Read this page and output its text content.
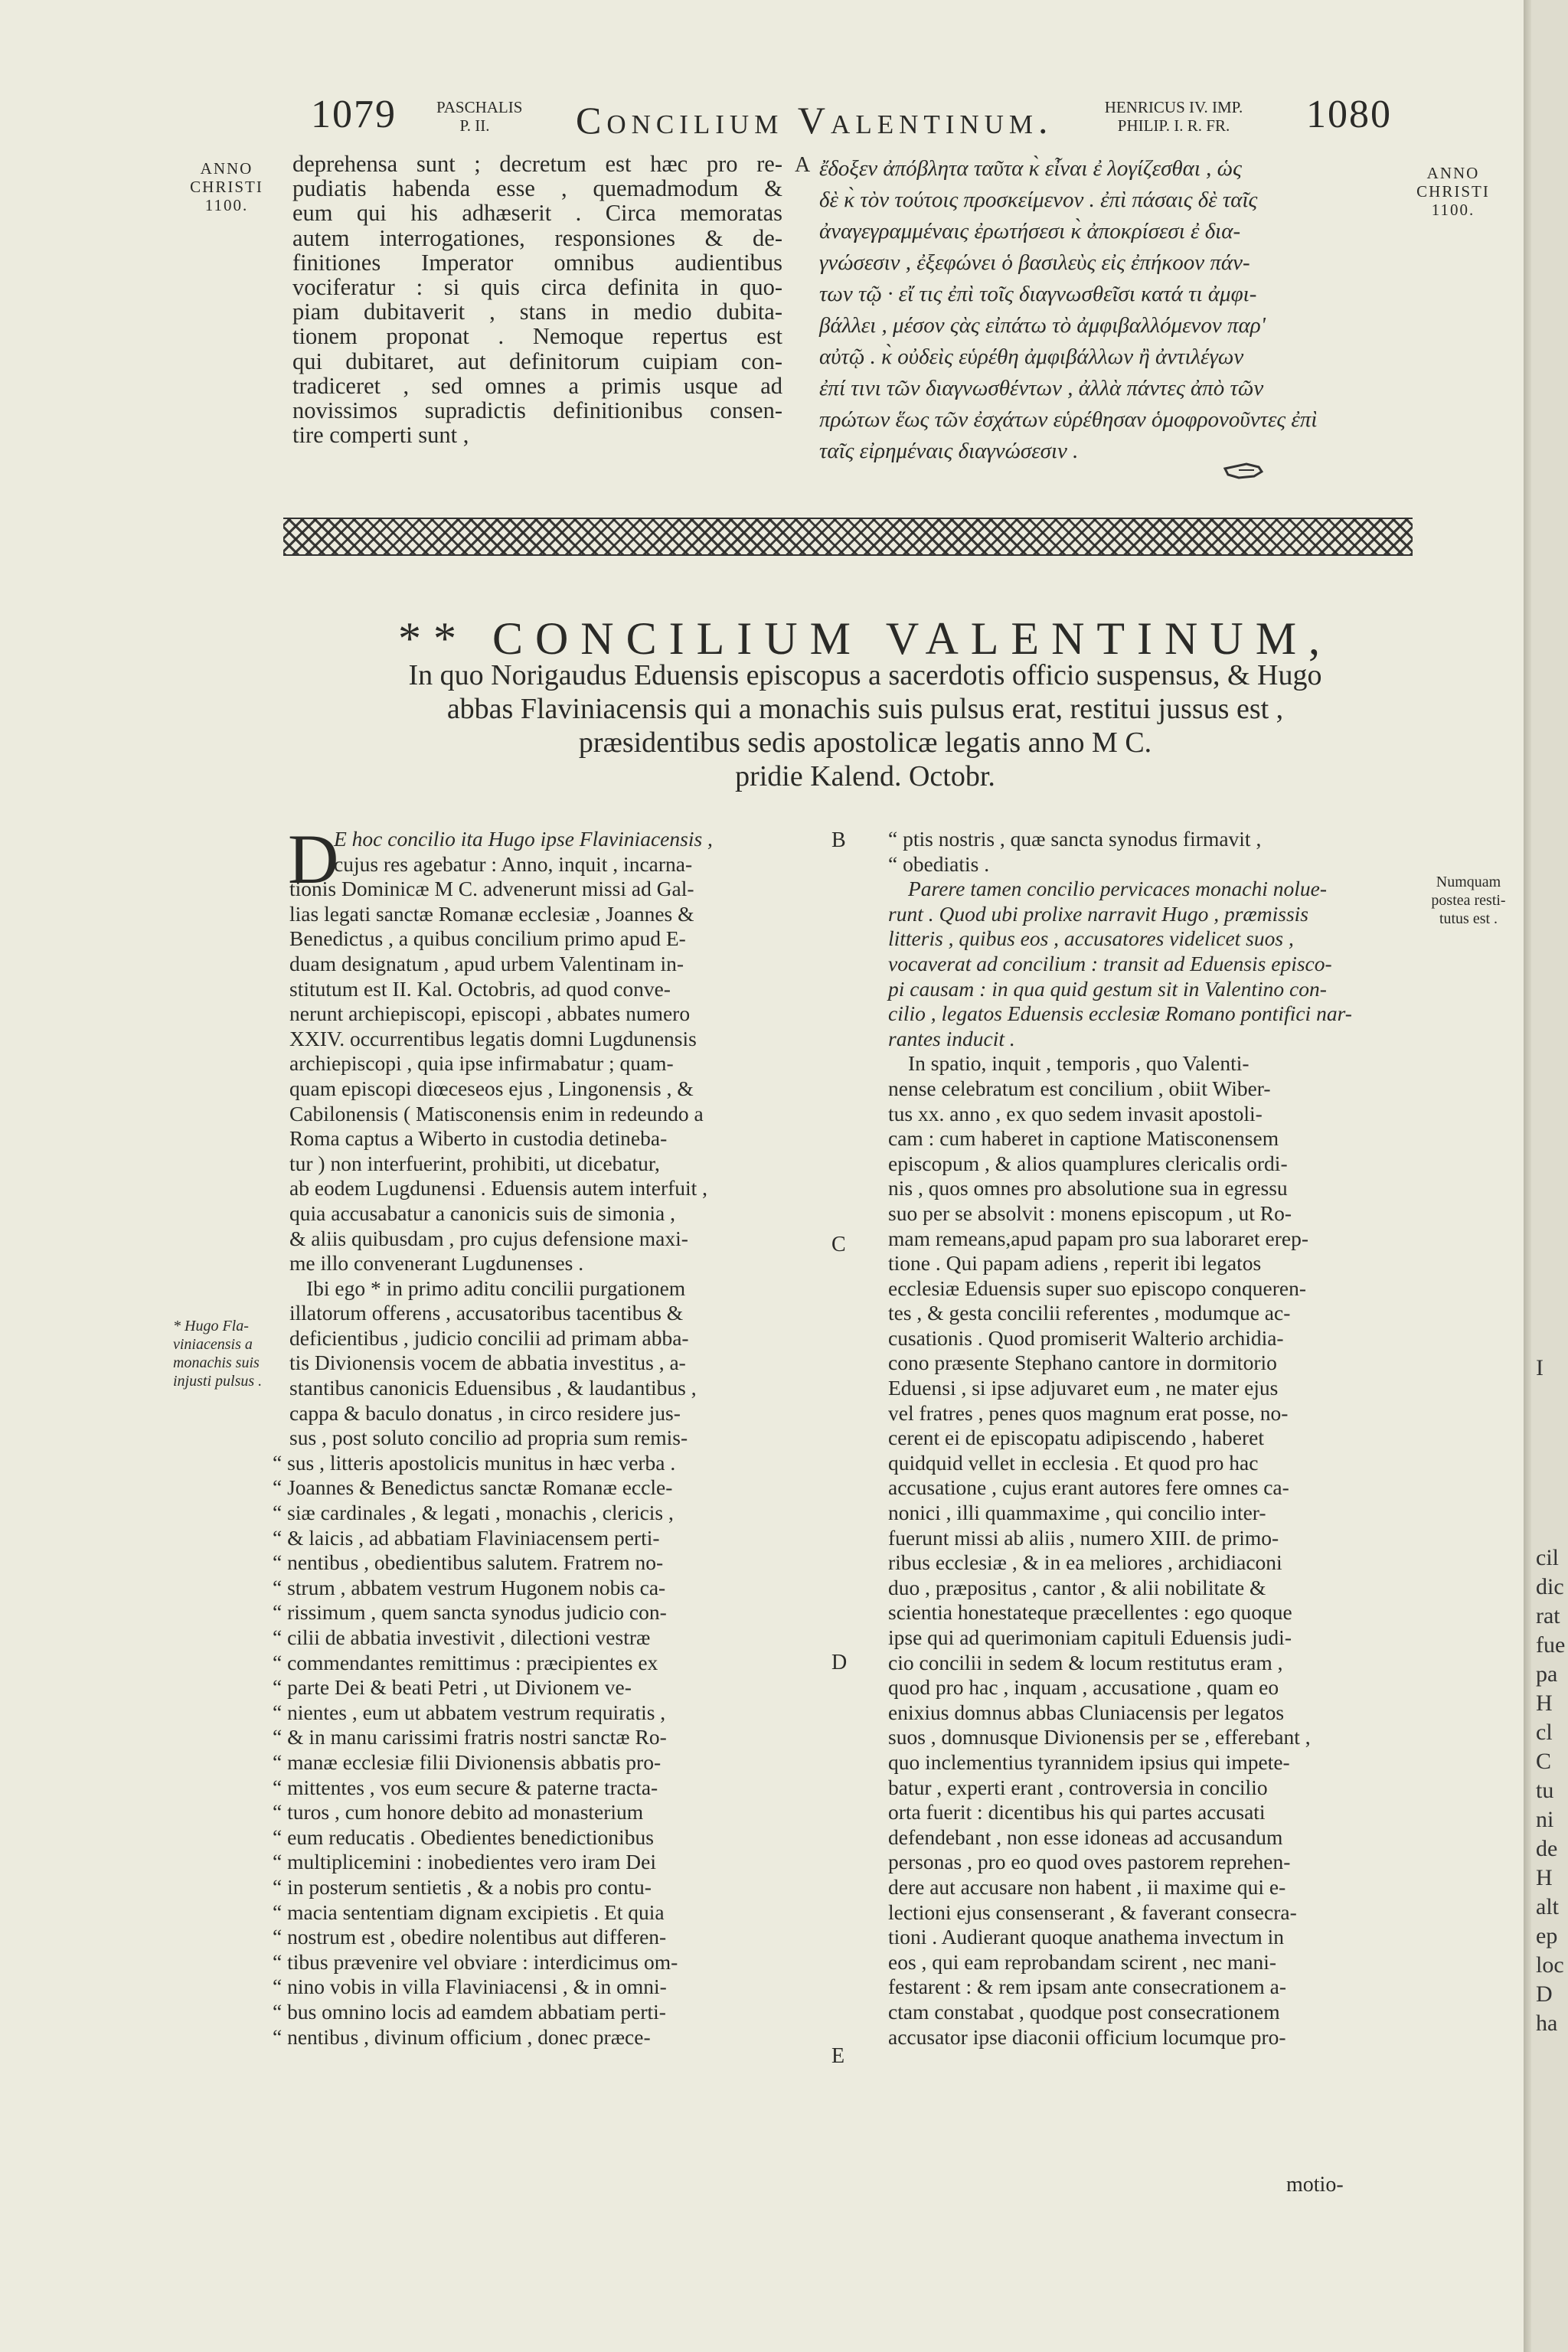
1079 PASCHALIS
P. II.	Concilium Valentinum.	HENRICUS IV. IMP.
PHILIP. I. R. FR.	1080
ANNO
CHRISTI
1100.
ANNO
CHRISTI
1100.
A
B
C
D
E

deprehensa sunt ; decretum est hæc pro re-

pudiatis habenda esse , quemadmodum &

eum qui his adhæserit . Circa memoratas

autem interrogationes, responsiones & de-

finitiones Imperator omnibus audientibus

vociferatur : si quis circa definita in quo-

piam dubitaverit , stans in medio dubita-

tionem proponat . Nemoque repertus est

qui dubitaret, aut definitorum cuipiam con-

tradiceret , sed omnes a primis usque ad

novissimos supradictis definitionibus consen-

tire comperti sunt ,

ἔδοξεν ἀπόβλητα ταῦτα κ̀ εἶναι ἐ λογίζεσθαι , ὡς

δὲ κ̀ τὸν τούτοις προσκείμενον . ἐπὶ πάσαις δὲ ταῖς

ἀναγεγραμμέναις ἐρωτήσεσι κ̀ ἀποκρίσεσι ἐ δια-

γνώσεσιν , ἐξεφώνει ὁ βασιλεὺς εἰς ἐπήκοον πάν-

των τῷ · εἴ τις ἐπὶ τοῖς διαγνωσθεῖσι κατά τι ἀμφι-

βάλλει , μέσον ςὰς εἰπάτω τὸ ἀμφιβαλλόμενον παρ'

αὐτῷ . κ̀ οὐδεὶς εὑρέθη ἀμφιβάλλων ἢ ἀντιλέγων

ἐπί τινι τῶν διαγνωσθέντων , ἀλλὰ πάντες ἀπὸ τῶν

πρώτων ἕως τῶν ἐσχάτων εὑρέθησαν ὁμοφρονοῦντες ἐπὶ

ταῖς εἰρημέναις διαγνώσεσιν .

** CONCILIUM VALENTINUM,

In quo Norigaudus Eduensis episcopus a sacerdotis officio suspensus, & Hugo

abbas Flaviniacensis qui a monachis suis pulsus erat, restitui jussus est ,

præsidentibus sedis apostolicæ legatis anno M C.

pridie Kalend. Octobr.

D

E hoc concilio ita Hugo ipse Flaviniacensis ,

cujus res agebatur : Anno, inquit , incarna-

tionis Dominicæ M C. advenerunt missi ad Gal-

lias legati sanctæ Romanæ ecclesiæ , Joannes &

Benedictus , a quibus concilium primo apud E-

duam designatum , apud urbem Valentinam in-

stitutum est II. Kal. Octobris, ad quod conve-

nerunt archiepiscopi, episcopi , abbates numero

XXIV. occurrentibus legatis domni Lugdunensis

archiepiscopi , quia ipse infirmabatur ; quam-

quam episcopi diœceseos ejus , Lingonensis , &

Cabilonensis ( Matisconensis enim in redeundo a

Roma captus a Wiberto in custodia detineba-

tur ) non interfuerint, prohibiti, ut dicebatur,

ab eodem Lugdunensi . Eduensis autem interfuit ,

quia accusabatur a canonicis suis de simonia ,

& aliis quibusdam , pro cujus defensione maxi-

me illo convenerant Lugdunenses .

Ibi ego * in primo aditu concilii purgationem

illatorum offerens , accusatoribus tacentibus &

deficientibus , judicio concilii ad primam abba-

tis Divionensis vocem de abbatia investitus , a-

stantibus canonicis Eduensibus , & laudantibus ,

cappa & baculo donatus , in circo residere jus-

sus , post soluto concilio ad propria sum remis-

“ sus , litteris apostolicis munitus in hæc verba .

“ Joannes & Benedictus sanctæ Romanæ eccle-

“ siæ cardinales , & legati , monachis , clericis ,

“ & laicis , ad abbatiam Flaviniacensem perti-

“ nentibus , obedientibus salutem. Fratrem no-

“ strum , abbatem vestrum Hugonem nobis ca-

“ rissimum , quem sancta synodus judicio con-

“ cilii de abbatia investivit , dilectioni vestræ

“ commendantes remittimus : præcipientes ex

“ parte Dei & beati Petri , ut Divionem ve-

“ nientes , eum ut abbatem vestrum requiratis ,

“ & in manu carissimi fratris nostri sanctæ Ro-

“ manæ ecclesiæ filii Divionensis abbatis pro-

“ mittentes , vos eum secure & paterne tracta-

“ turos , cum honore debito ad monasterium

“ eum reducatis . Obedientes benedictionibus

“ multiplicemini : inobedientes vero iram Dei

“ in posterum sentietis , & a nobis pro contu-

“ macia sententiam dignam excipietis . Et quia

“ nostrum est , obedire nolentibus aut differen-

“ tibus prævenire vel obviare : interdicimus om-

“ nino vobis in villa Flaviniacensi , & in omni-

“ bus omnino locis ad eamdem abbatiam perti-

“ nentibus , divinum officium , donec præce-

* Hugo Fla-
viniacensis a
monachis suis
injusti pulsus .

“ ptis nostris , quæ sancta synodus firmavit ,

“ obediatis .

Parere tamen concilio pervicaces monachi nolue-

runt . Quod ubi prolixe narravit Hugo , præmissis

litteris , quibus eos , accusatores videlicet suos ,

vocaverat ad concilium : transit ad Eduensis episco-

pi causam : in qua quid gestum sit in Valentino con-

cilio , legatos Eduensis ecclesiæ Romano pontifici nar-

rantes inducit .

In spatio, inquit , temporis , quo Valenti-

nense celebratum est concilium , obiit Wiber-

tus xx. anno , ex quo sedem invasit apostoli-

cam : cum haberet in captione Matisconensem

episcopum , & alios quamplures clericalis ordi-

nis , quos omnes pro absolutione sua in egressu

suo per se absolvit : monens episcopum , ut Ro-

mam remeans,apud papam pro sua laboraret erep-

tione . Qui papam adiens , reperit ibi legatos

ecclesiæ Eduensis super suo episcopo conqueren-

tes , & gesta concilii referentes , modumque ac-

cusationis . Quod promiserit Walterio archidia-

cono præsente Stephano cantore in dormitorio

Eduensi , si ipse adjuvaret eum , ne mater ejus

vel fratres , penes quos magnum erat posse, no-

cerent ei de episcopatu adipiscendo , haberet

quidquid vellet in ecclesia . Et quod pro hac

accusatione , cujus erant autores fere omnes ca-

nonici , illi quammaxime , qui concilio inter-

fuerunt missi ab aliis , numero XIII. de primo-

ribus ecclesiæ , & in ea meliores , archidiaconi

duo , præpositus , cantor , & alii nobilitate &

scientia honestateque præcellentes : ego quoque

ipse qui ad querimoniam capituli Eduensis judi-

cio concilii in sedem & locum restitutus eram ,

quod pro hac , inquam , accusatione , quam eo

enixius domnus abbas Cluniacensis per legatos

suos , domnusque Divionensis per se , efferebant ,

quo inclementius tyrannidem ipsius qui impete-

batur , experti erant , controversia in concilio

orta fuerit : dicentibus his qui partes accusati

defendebant , non esse idoneas ad accusandum

personas , pro eo quod oves pastorem reprehen-

dere aut accusare non habent , ii maxime qui e-

lectioni ejus consenserant , & faverant consecra-

tioni . Audierant quoque anathema invectum in

eos , qui eam reprobandam scirent , nec mani-

festarent : & rem ipsam ante consecrationem a-

ctam constabat , quodque post consecrationem

accusator ipse diaconii officium locumque pro-

Numquam
postea resti-
tutus est .
motio-
I
cil
dic
rat
fue
pa
H
cl
C
tu
ni
de
H
alt
ep
loc
D
ha
